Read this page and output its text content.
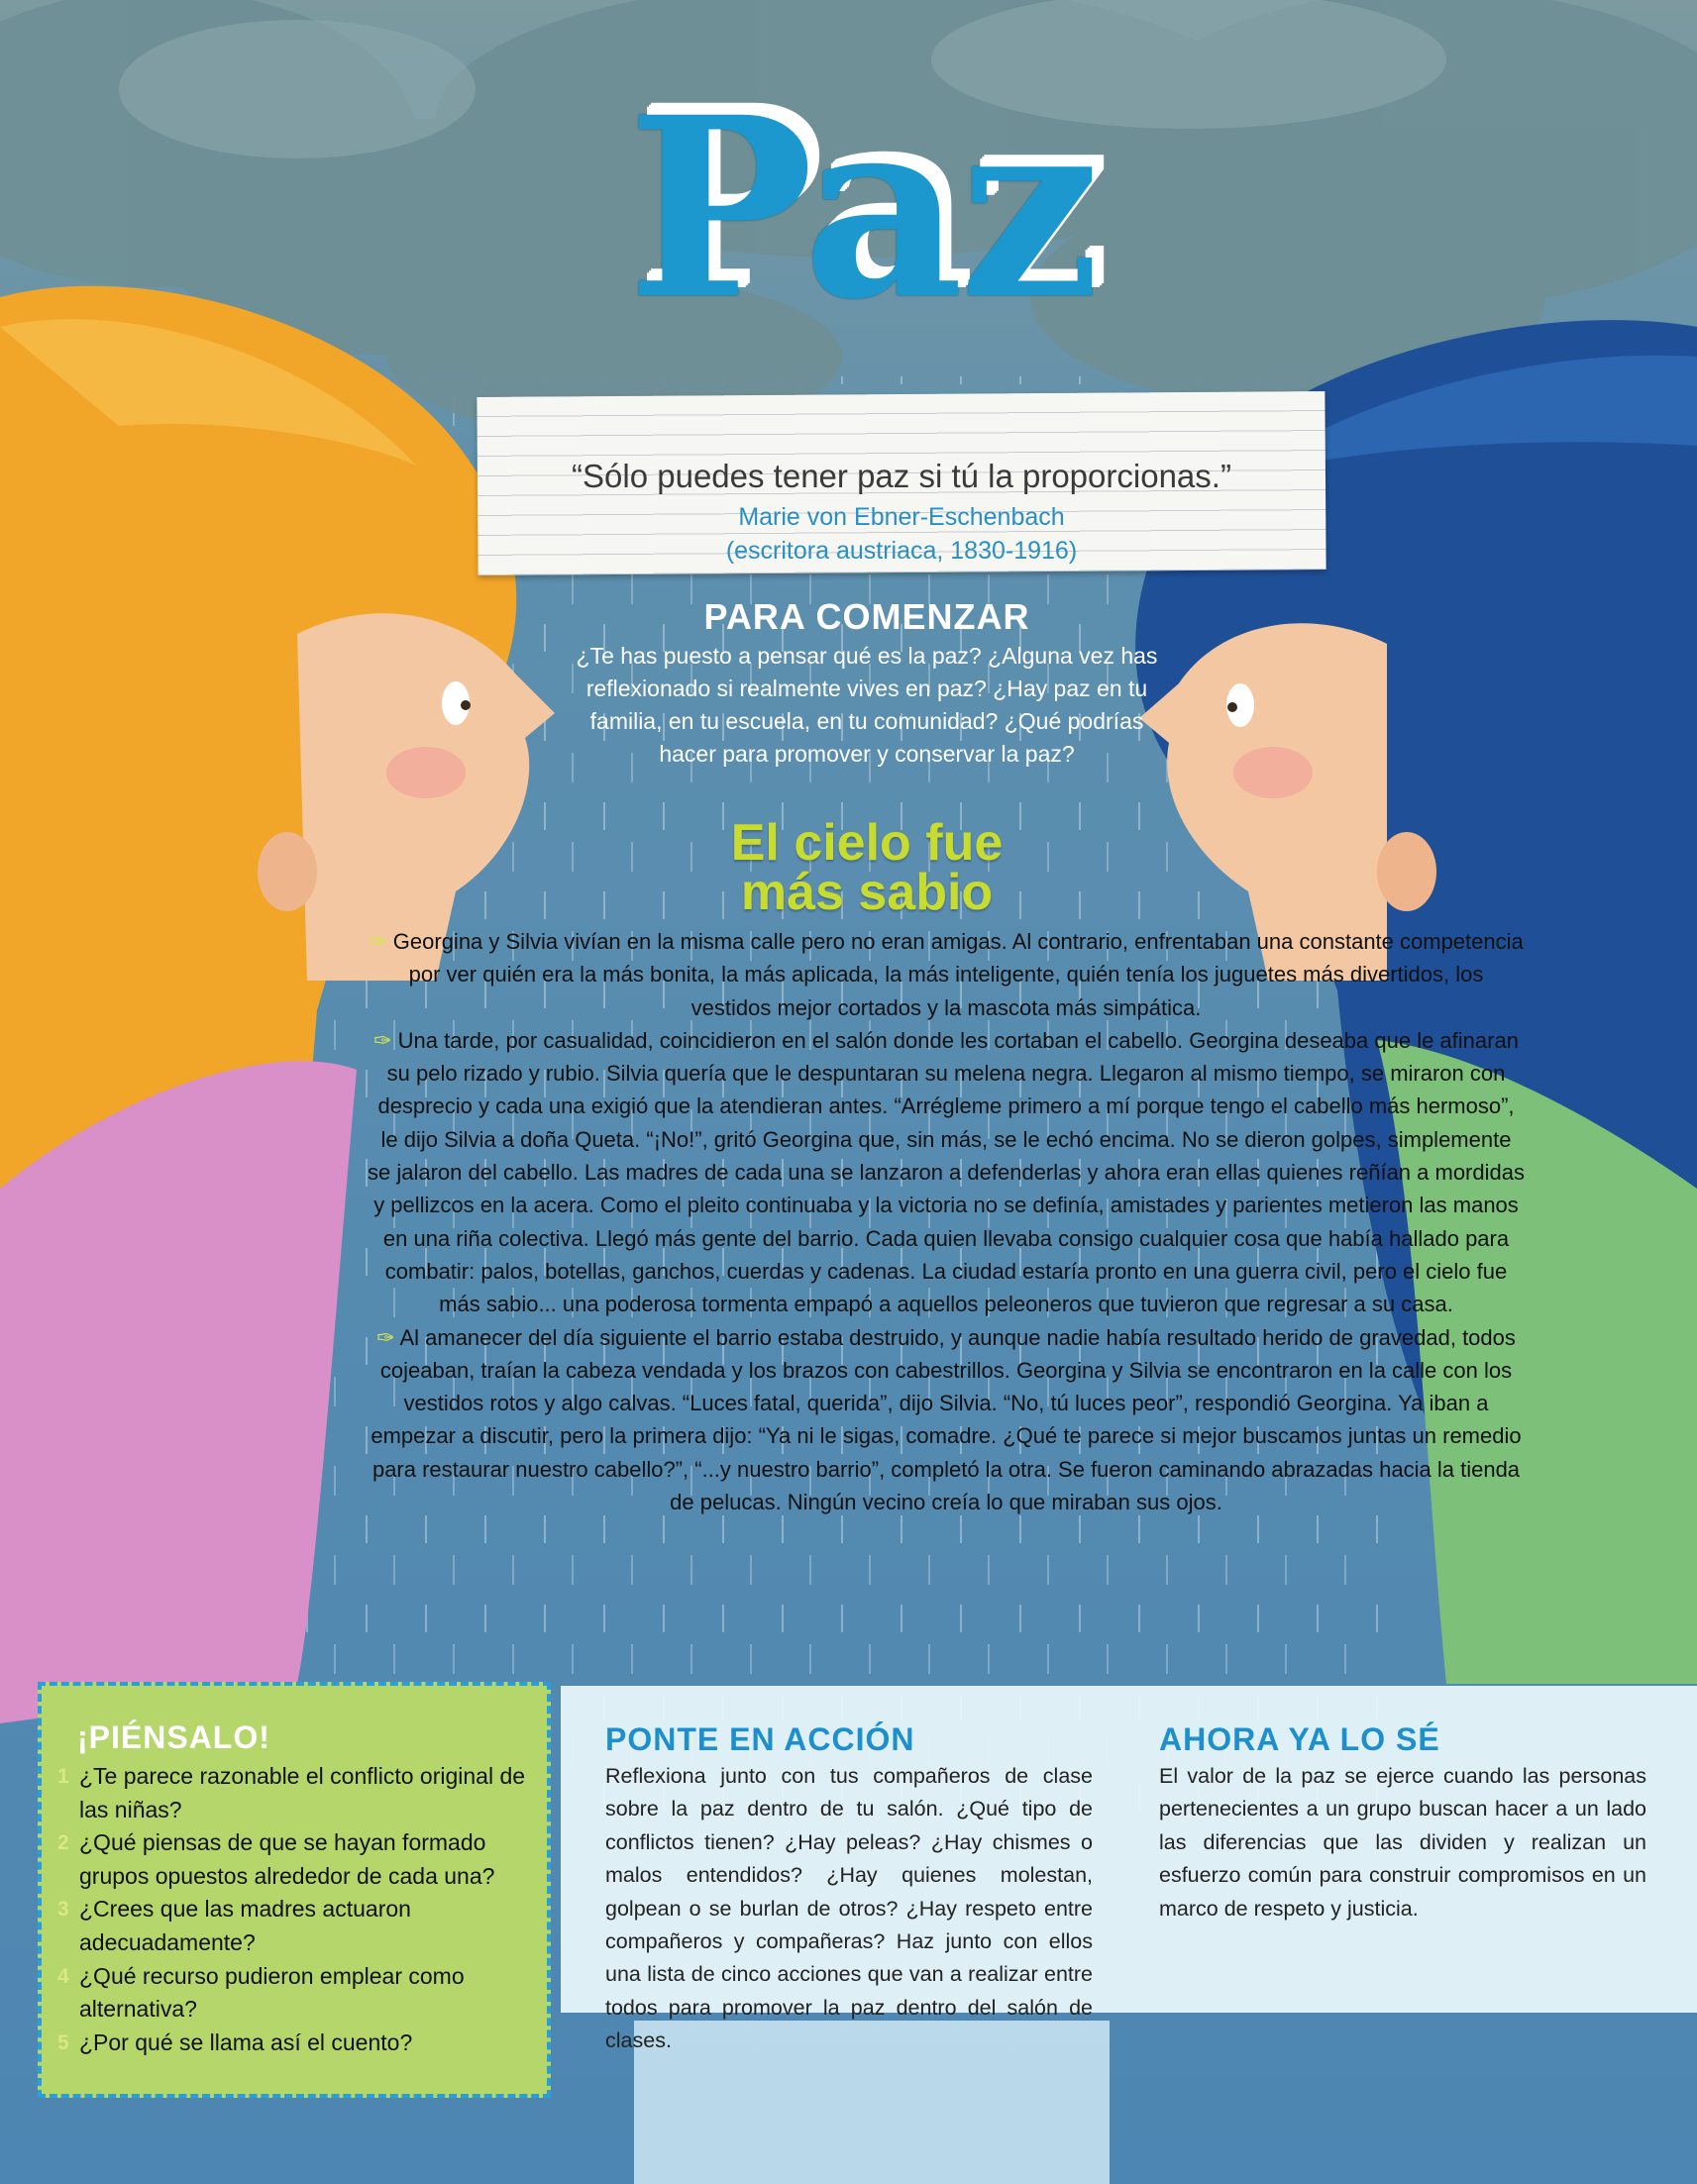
Paz
“Sólo puedes tener paz si tú la proporcionas.”
Marie von Ebner-Eschenbach
(escritora austriaca, 1830-1916)
PARA COMENZAR
¿Te has puesto a pensar qué es la paz? ¿Alguna vez has reflexionado si realmente vives en paz? ¿Hay paz en tu familia, en tu escuela, en tu comunidad? ¿Qué podrías hacer para promover y conservar la paz?
El cielo fue
más sabio

✑ Georgina y Silvia vivían en la misma calle pero no eran amigas. Al contrario, enfrentaban una constante competencia por ver quién era la más bonita, la más aplicada, la más inteligente, quién tenía los juguetes más divertidos, los vestidos mejor cortados y la mascota más simpática.

✑ Una tarde, por casualidad, coincidieron en el salón donde les cortaban el cabello. Georgina deseaba que le afinaran su pelo rizado y rubio. Silvia quería que le despuntaran su melena negra. Llegaron al mismo tiempo, se miraron con desprecio y cada una exigió que la atendieran antes. “Arrégleme primero a mí porque tengo el cabello más hermoso”, le dijo Silvia a doña Queta. “¡No!”, gritó Georgina que, sin más, se le echó encima. No se dieron golpes, simplemente se jalaron del cabello. Las madres de cada una se lanzaron a defenderlas y ahora eran ellas quienes reñían a mordidas y pellizcos en la acera. Como el pleito continuaba y la victoria no se definía, amistades y parientes metieron las manos en una riña colectiva. Llegó más gente del barrio. Cada quien llevaba consigo cualquier cosa que había hallado para combatir: palos, botellas, ganchos, cuerdas y cadenas. La ciudad estaría pronto en una guerra civil, pero el cielo fue más sabio... una poderosa tormenta empapó a aquellos peleoneros que tuvieron que regresar a su casa.

✑ Al amanecer del día siguiente el barrio estaba destruido, y aunque nadie había resultado herido de gravedad, todos cojeaban, traían la cabeza vendada y los brazos con cabestrillos. Georgina y Silvia se encontraron en la calle con los vestidos rotos y algo calvas. “Luces fatal, querida”, dijo Silvia. “No, tú luces peor”, respondió Georgina. Ya iban a empezar a discutir, pero la primera dijo: “Ya ni le sigas, comadre. ¿Qué te parece si mejor buscamos juntas un remedio para restaurar nuestro cabello?”, “...y nuestro barrio”, completó la otra. Se fueron caminando abrazadas hacia la tienda de pelucas. Ningún vecino creía lo que miraban sus ojos.

¡PIÉNSALO!
1 ¿Te parece razonable el conflicto original de las niñas?
2 ¿Qué piensas de que se hayan formado grupos opuestos alrededor de cada una?
3 ¿Crees que las madres actuaron adecuadamente?
4 ¿Qué recurso pudieron emplear como alternativa?
5 ¿Por qué se llama así el cuento?
PONTE EN ACCIÓN
Reflexiona junto con tus compañeros de clase sobre la paz dentro de tu salón. ¿Qué tipo de conflictos tienen? ¿Hay peleas? ¿Hay chismes o malos entendidos? ¿Hay quienes molestan, golpean o se burlan de otros? ¿Hay respeto entre compañeros y compañeras? Haz junto con ellos una lista de cinco acciones que van a realizar entre todos para promover la paz dentro del salón de clases.
AHORA YA LO SÉ
El valor de la paz se ejerce cuando las personas pertenecientes a un grupo buscan hacer a un lado las diferencias que las dividen y realizan un esfuerzo común para construir compromisos en un marco de respeto y justicia.
